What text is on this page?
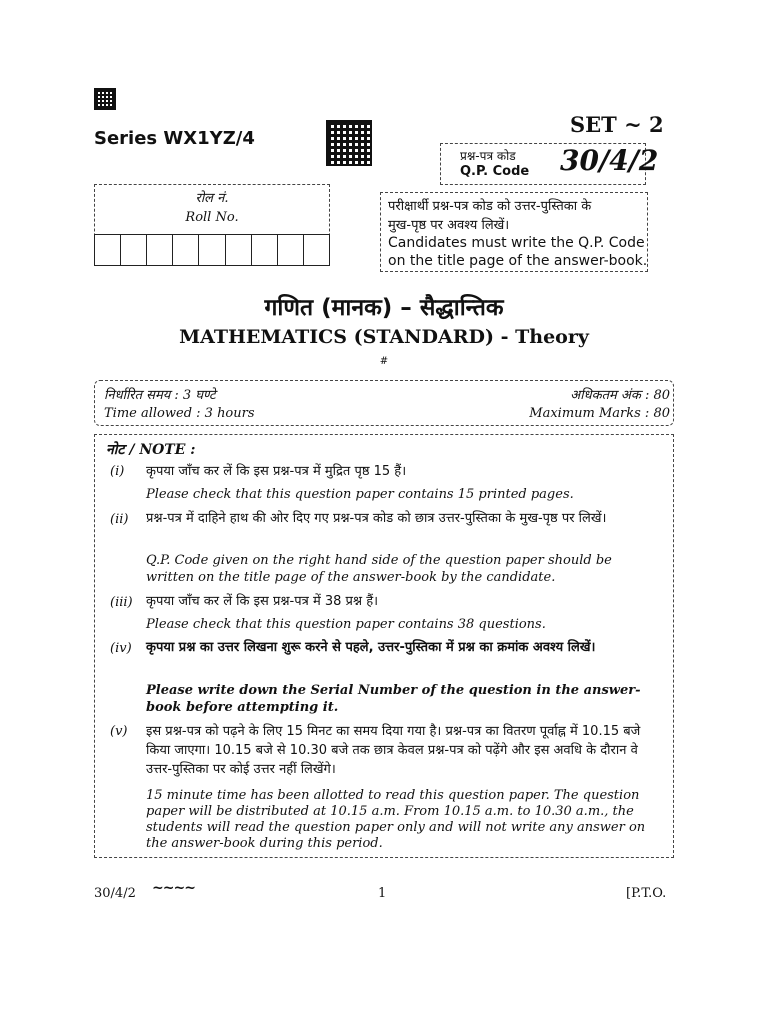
Series WX1YZ/4
SET ~ 2
प्रश्न-पत्र कोड
Q.P. Code 30/4/2
रोल नं.
Roll No.
परीक्षार्थी प्रश्न-पत्र कोड को उत्तर-पुस्तिका के
मुख-पृष्ठ पर अवश्य लिखें।
Candidates must write the Q.P. Code
on the title page of the answer-book.
गणित (मानक) – सैद्धान्तिक
MATHEMATICS (STANDARD) - Theory
#
निर्धारित समय : 3 घण्टे
Time allowed : 3 hours
अधिकतम अंक : 80
Maximum Marks : 80
नोट / NOTE :
(i) कृपया जाँच कर लें कि इस प्रश्न-पत्र में मुद्रित पृष्ठ 15 हैं।
Please check that this question paper contains 15 printed pages.
(ii) प्रश्न-पत्र में दाहिने हाथ की ओर दिए गए प्रश्न-पत्र कोड को छात्र उत्तर-पुस्तिका के मुख-पृष्ठ पर लिखें।
Q.P. Code given on the right hand side of the question paper should be written on the title page of the answer-book by the candidate.
(iii) कृपया जाँच कर लें कि इस प्रश्न-पत्र में 38 प्रश्न हैं।
Please check that this question paper contains 38 questions.
(iv) कृपया प्रश्न का उत्तर लिखना शुरू करने से पहले, उत्तर-पुस्तिका में प्रश्न का क्रमांक अवश्य लिखें।
Please write down the Serial Number of the question in the answer-book before attempting it.
(v) इस प्रश्न-पत्र को पढ़ने के लिए 15 मिनट का समय दिया गया है। प्रश्न-पत्र का वितरण पूर्वाह्न में 10.15 बजे किया जाएगा। 10.15 बजे से 10.30 बजे तक छात्र केवल प्रश्न-पत्र को पढ़ेंगे और इस अवधि के दौरान वे उत्तर-पुस्तिका पर कोई उत्तर नहीं लिखेंगे।
15 minute time has been allotted to read this question paper. The question paper will be distributed at 10.15 a.m. From 10.15 a.m. to 10.30 a.m., the students will read the question paper only and will not write any answer on the answer-book during this period.
30/4/2 ~~~~	1	[P.T.O.
